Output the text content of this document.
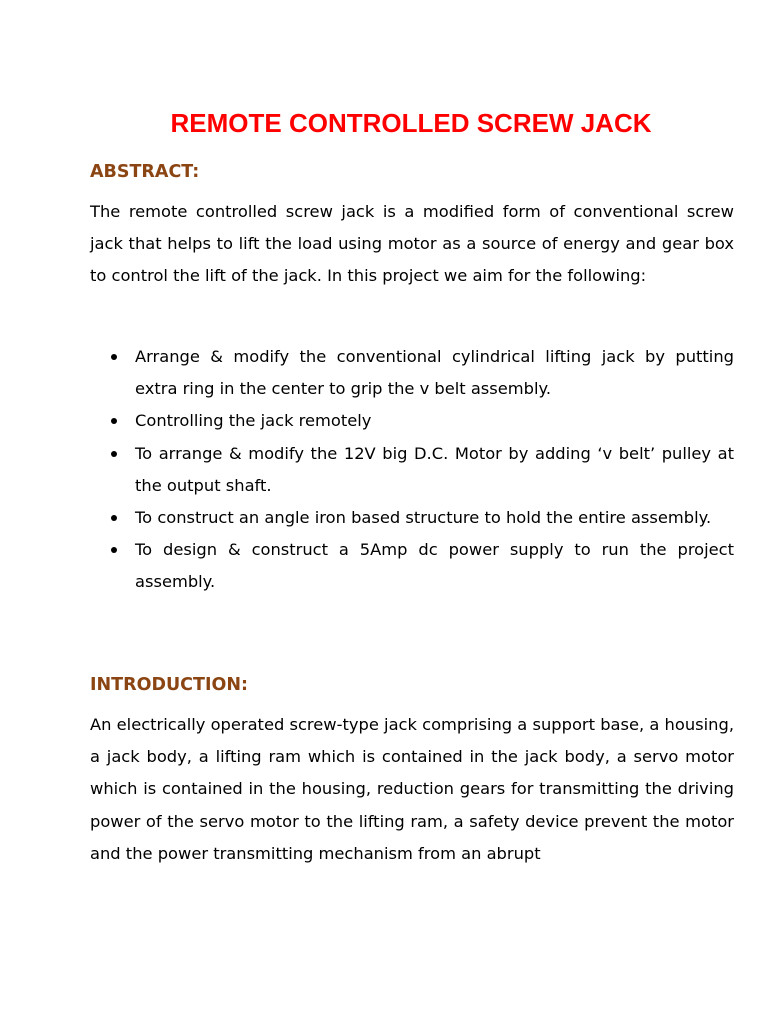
REMOTE CONTROLLED SCREW JACK
ABSTRACT:

The remote controlled screw jack is a modified form of conventional screw jack that helps to lift the load using motor as a source of energy and gear box to control the lift of the jack. In this project we aim for the following:

Arrange & modify the conventional cylindrical lifting jack by putting extra ring in the center to grip the v belt assembly.
Controlling the jack remotely
To arrange & modify the 12V big D.C. Motor by adding ‘v belt’ pulley at the output shaft.
To construct an angle iron based structure to hold the entire assembly.
To design & construct a 5Amp dc power supply to run the project assembly.
INTRODUCTION:

An electrically operated screw-type jack comprising a support base, a housing, a jack body, a lifting ram which is contained in the jack body, a servo motor which is contained in the housing, reduction gears for transmitting the driving power of the servo motor to the lifting ram, a safety device prevent the motor and the power transmitting mechanism from an abrupt
